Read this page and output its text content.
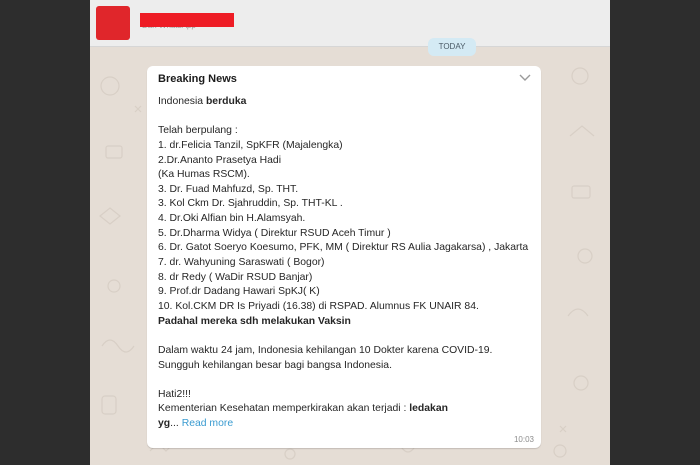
TODAY
Breaking News
Indonesia berduka
Telah berpulang :
1. dr.Felicia Tanzil, SpKFR (Majalengka)
2.Dr.Ananto Prasetya Hadi
(Ka Humas RSCM).
3. Dr. Fuad Mahfuzd, Sp. THT.
3. Kol Ckm Dr. Sjahruddin, Sp. THT-KL .
4. Dr.Oki Alfian bin H.Alamsyah.
5. Dr.Dharma Widya ( Direktur RSUD Aceh Timur )
6. Dr. Gatot Soeryo Koesumo, PFK, MM ( Direktur RS Aulia Jagakarsa) , Jakarta
7. dr. Wahyuning Saraswati ( Bogor)
8. dr Redy ( WaDir RSUD Banjar)
9. Prof.dr Dadang Hawari SpKJ( K)
10. Kol.CKM DR Is Priyadi (16.38) di RSPAD. Alumnus FK UNAIR 84.
Padahal mereka sdh melakukan Vaksin
Dalam waktu 24 jam, Indonesia kehilangan 10 Dokter karena COVID-19.
Sungguh kehilangan besar bagi bangsa Indonesia.
Hati2!!!
Kementerian Kesehatan memperkirakan akan terjadi : ledakan
yg... Read more
10:03
